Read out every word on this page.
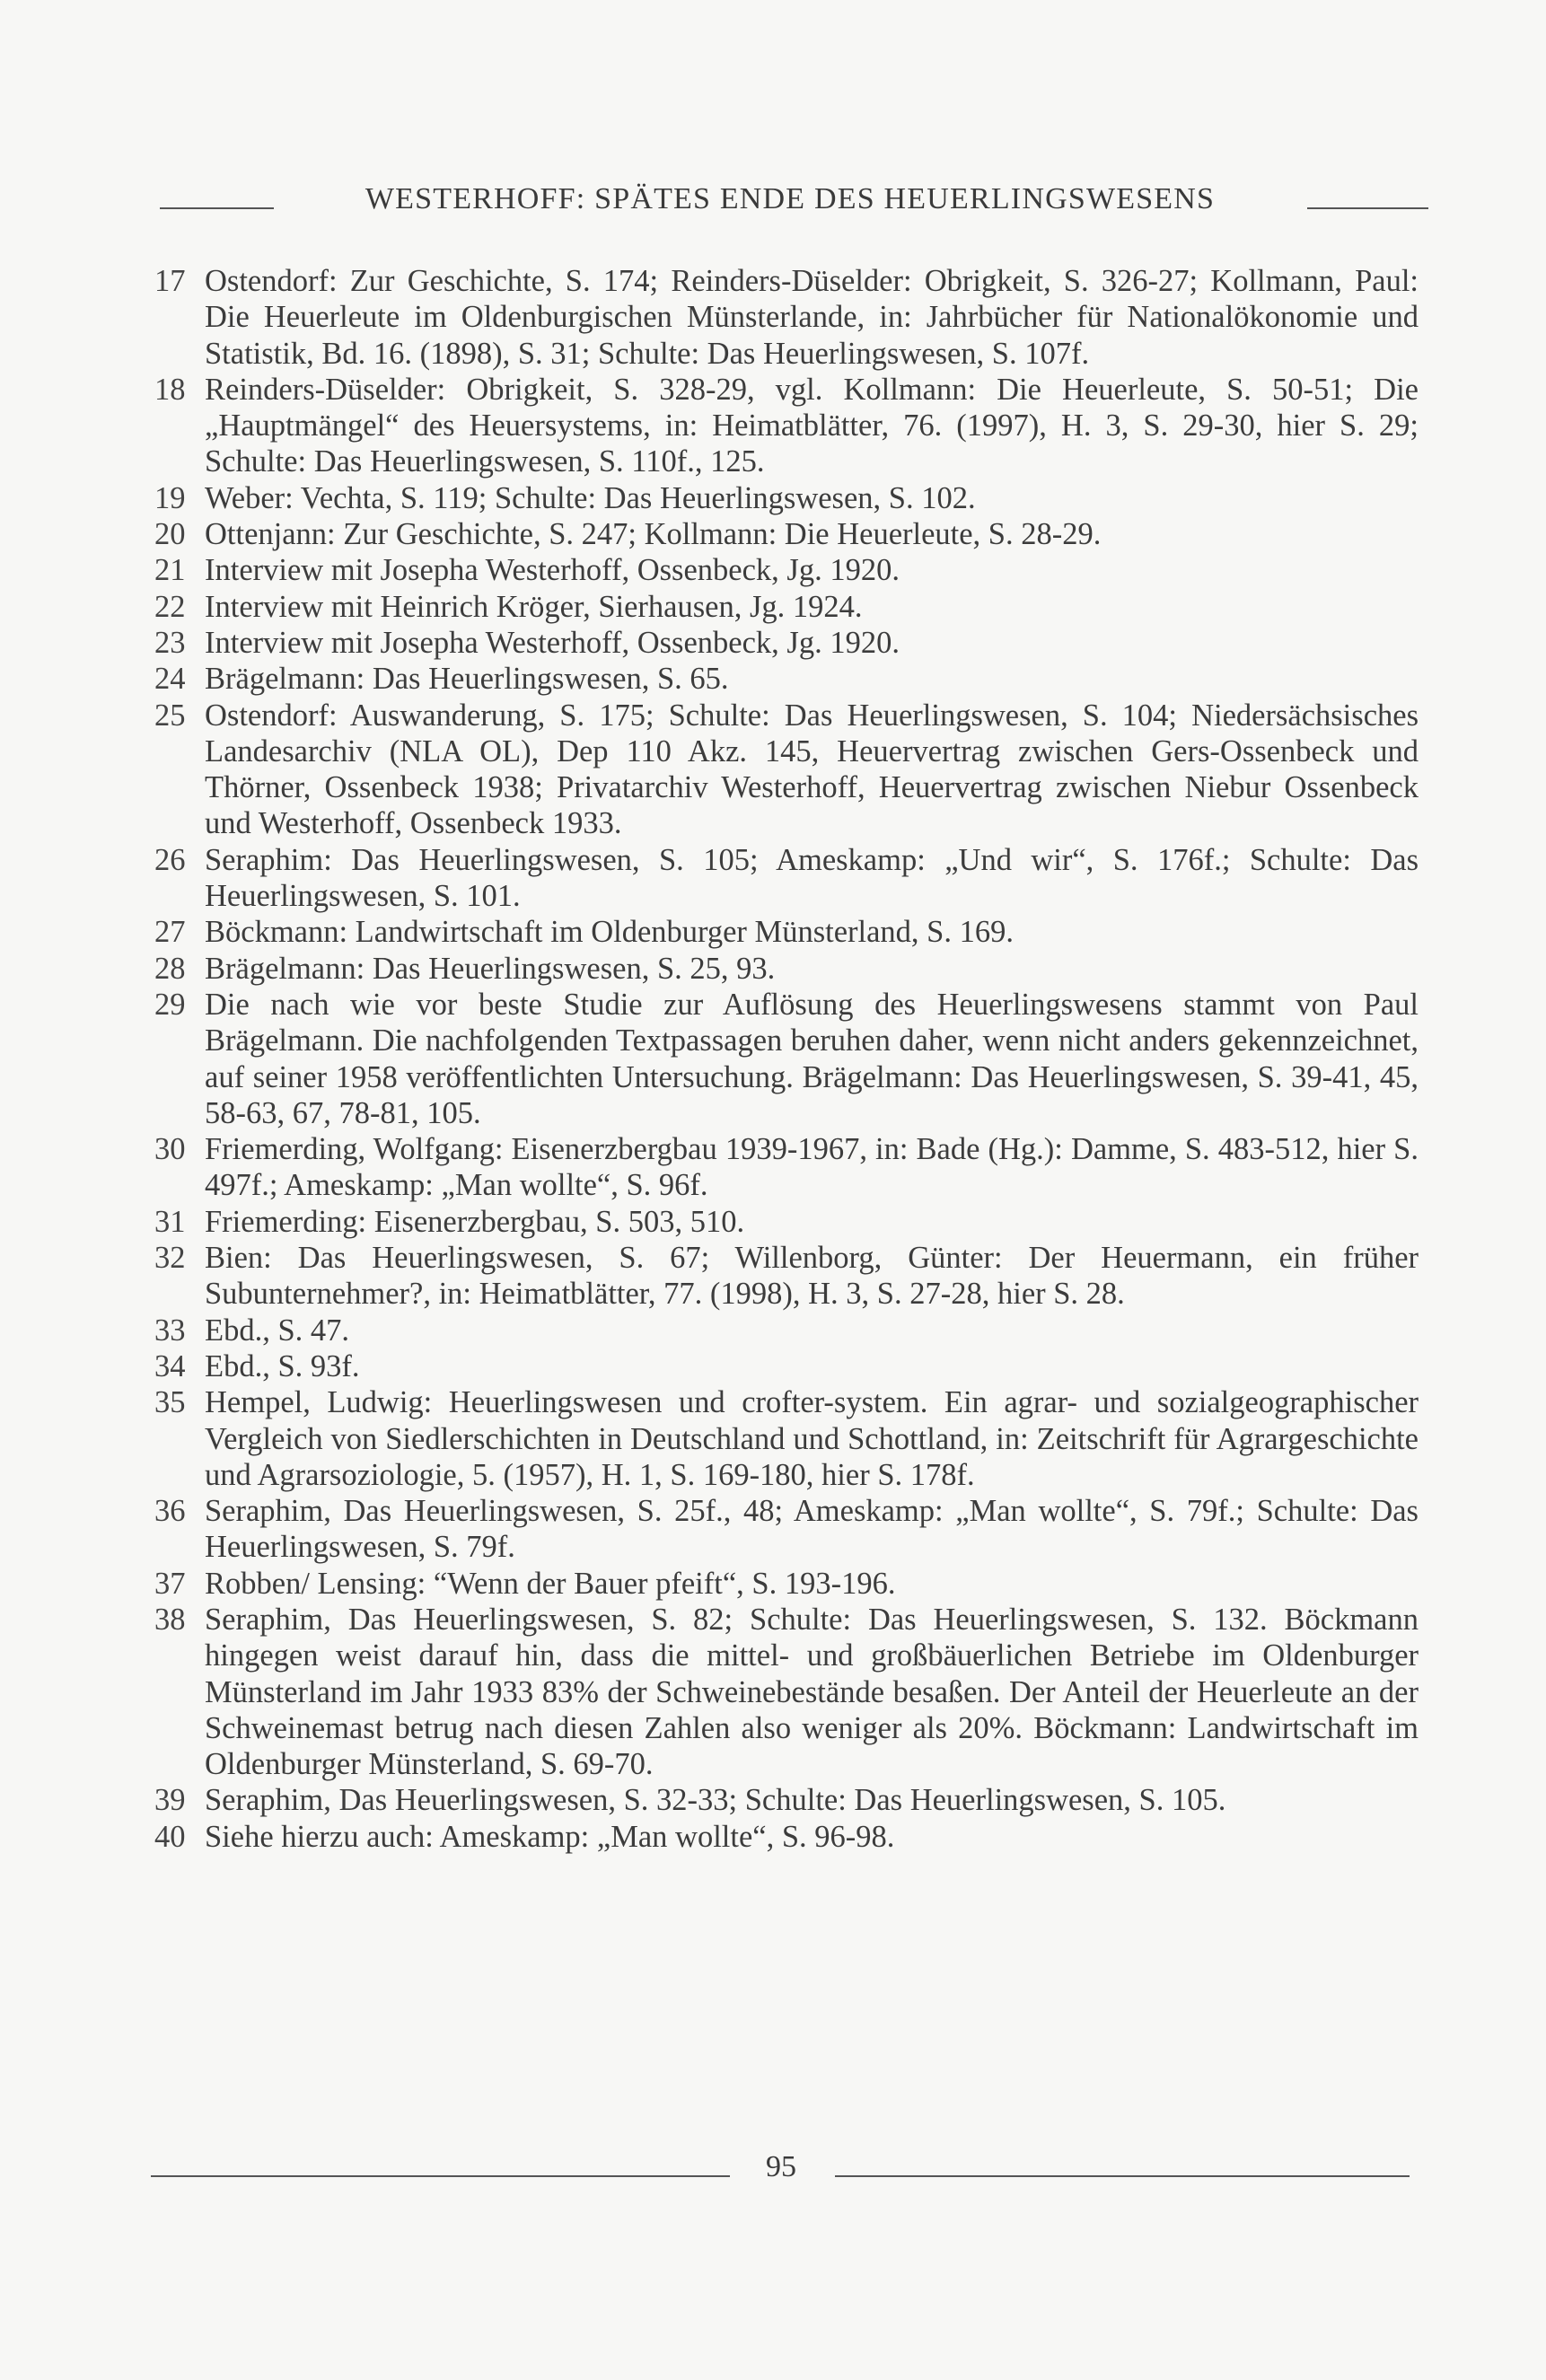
WESTERHOFF: SPÄTES ENDE DES HEUERLINGSWESENS
17 Ostendorf: Zur Geschichte, S. 174; Reinders-Düselder: Obrigkeit, S. 326-27; Kollmann, Paul: Die Heuerleute im Oldenburgischen Münsterlande, in: Jahrbücher für Nationalökonomie und Statistik, Bd. 16. (1898), S. 31; Schulte: Das Heuerlingswesen, S. 107f.
18 Reinders-Düselder: Obrigkeit, S. 328-29, vgl. Kollmann: Die Heuerleute, S. 50-51; Die „Hauptmängel“ des Heuersystems, in: Heimatblätter, 76. (1997), H. 3, S. 29-30, hier S. 29; Schulte: Das Heuerlingswesen, S. 110f., 125.
19 Weber: Vechta, S. 119; Schulte: Das Heuerlingswesen, S. 102.
20 Ottenjann: Zur Geschichte, S. 247; Kollmann: Die Heuerleute, S. 28-29.
21 Interview mit Josepha Westerhoff, Ossenbeck, Jg. 1920.
22 Interview mit Heinrich Kröger, Sierhausen, Jg. 1924.
23 Interview mit Josepha Westerhoff, Ossenbeck, Jg. 1920.
24 Brägelmann: Das Heuerlingswesen, S. 65.
25 Ostendorf: Auswanderung, S. 175; Schulte: Das Heuerlingswesen, S. 104; Niedersächsisches Landesarchiv (NLA OL), Dep 110 Akz. 145, Heuervertrag zwischen Gers-Ossenbeck und Thörner, Ossenbeck 1938; Privatarchiv Westerhoff, Heuervertrag zwischen Niebur Ossenbeck und Westerhoff, Ossenbeck 1933.
26 Seraphim: Das Heuerlingswesen, S. 105; Ameskamp: „Und wir“, S. 176f.; Schulte: Das Heuerlingswesen, S. 101.
27 Böckmann: Landwirtschaft im Oldenburger Münsterland, S. 169.
28 Brägelmann: Das Heuerlingswesen, S. 25, 93.
29 Die nach wie vor beste Studie zur Auflösung des Heuerlingswesens stammt von Paul Brägelmann. Die nachfolgenden Textpassagen beruhen daher, wenn nicht anders gekennzeichnet, auf seiner 1958 veröffentlichten Untersuchung. Brägelmann: Das Heuerlingswesen, S. 39-41, 45, 58-63, 67, 78-81, 105.
30 Friemerding, Wolfgang: Eisenerzbergbau 1939-1967, in: Bade (Hg.): Damme, S. 483-512, hier S. 497f.; Ameskamp: „Man wollte“, S. 96f.
31 Friemerding: Eisenerzbergbau, S. 503, 510.
32 Bien: Das Heuerlingswesen, S. 67; Willenborg, Günter: Der Heuermann, ein früher Subunternehmer?, in: Heimatblätter, 77. (1998), H. 3, S. 27-28, hier S. 28.
33 Ebd., S. 47.
34 Ebd., S. 93f.
35 Hempel, Ludwig: Heuerlingswesen und crofter-system. Ein agrar- und sozialgeographischer Vergleich von Siedlerschichten in Deutschland und Schottland, in: Zeitschrift für Agrargeschichte und Agrarsoziologie, 5. (1957), H. 1, S. 169-180, hier S. 178f.
36 Seraphim, Das Heuerlingswesen, S. 25f., 48; Ameskamp: „Man wollte“, S. 79f.; Schulte: Das Heuerlingswesen, S. 79f.
37 Robben/ Lensing: “Wenn der Bauer pfeift“, S. 193-196.
38 Seraphim, Das Heuerlingswesen, S. 82; Schulte: Das Heuerlingswesen, S. 132. Böckmann hingegen weist darauf hin, dass die mittel- und großbäuerlichen Betriebe im Oldenburger Münsterland im Jahr 1933 83% der Schweinebestände besaßen. Der Anteil der Heuerleute an der Schweinemast betrug nach diesen Zahlen also weniger als 20%. Böckmann: Landwirtschaft im Oldenburger Münsterland, S. 69-70.
39 Seraphim, Das Heuerlingswesen, S. 32-33; Schulte: Das Heuerlingswesen, S. 105.
40 Siehe hierzu auch: Ameskamp: „Man wollte“, S. 96-98.
95
